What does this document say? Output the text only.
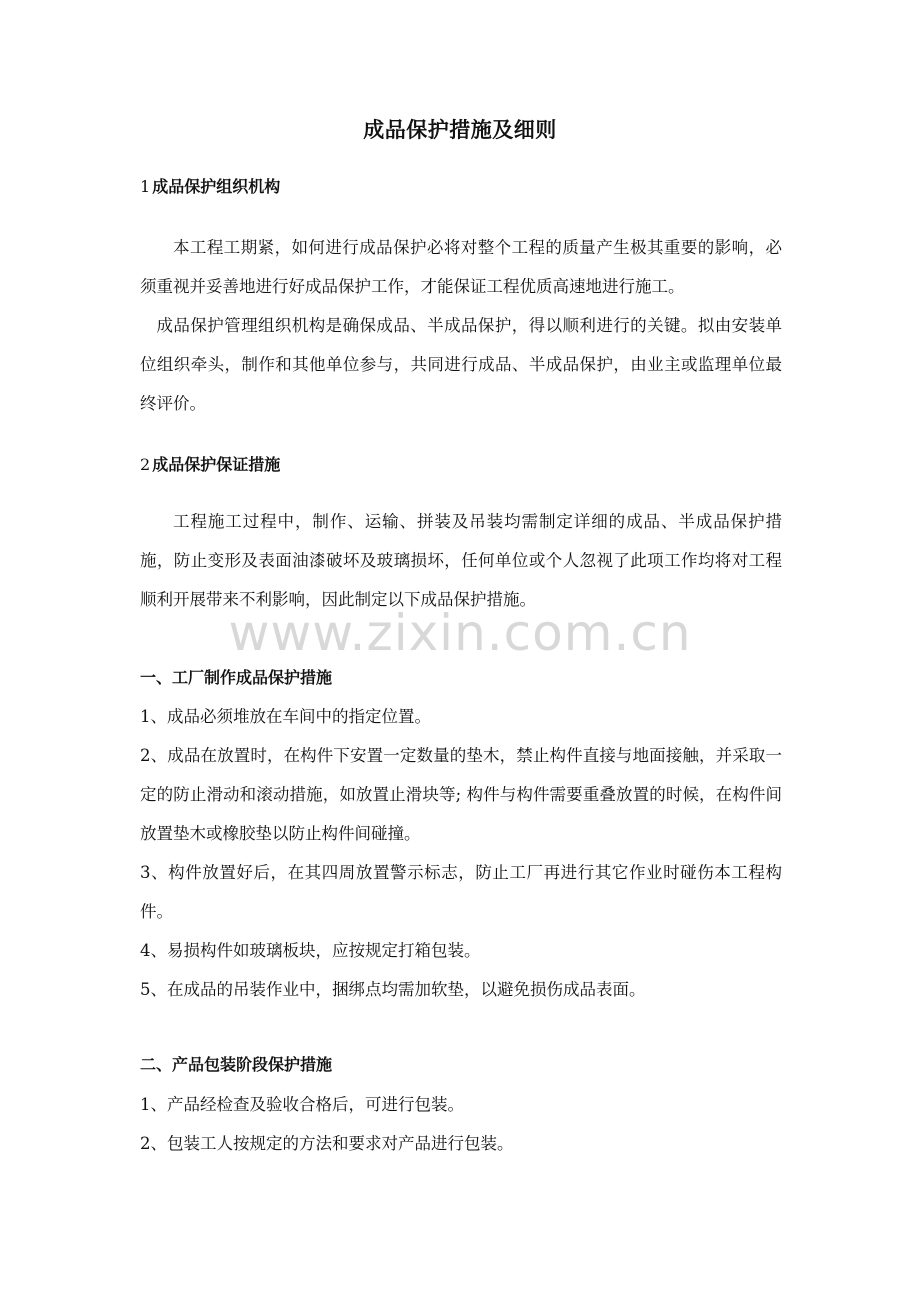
成品保护措施及细则
1 成品保护组织机构
本工程工期紧，如何进行成品保护必将对整个工程的质量产生极其重要的影响，必须重视并妥善地进行好成品保护工作，才能保证工程优质高速地进行施工。
成品保护管理组织机构是确保成品、半成品保护，得以顺利进行的关键。拟由安装单位组织牵头，制作和其他单位参与，共同进行成品、半成品保护，由业主或监理单位最终评价。
2 成品保护保证措施
工程施工过程中，制作、运输、拼装及吊装均需制定详细的成品、半成品保护措施，防止变形及表面油漆破坏及玻璃损坏，任何单位或个人忽视了此项工作均将对工程顺利开展带来不利影响，因此制定以下成品保护措施。
www.zixin.com.cn
一、工厂制作成品保护措施
1、成品必须堆放在车间中的指定位置。
2、成品在放置时，在构件下安置一定数量的垫木，禁止构件直接与地面接触，并采取一定的防止滑动和滚动措施，如放置止滑块等; 构件与构件需要重叠放置的时候，在构件间放置垫木或橡胶垫以防止构件间碰撞。
3、构件放置好后，在其四周放置警示标志，防止工厂再进行其它作业时碰伤本工程构件。
4、易损构件如玻璃板块，应按规定打箱包装。
5、在成品的吊装作业中，捆绑点均需加软垫，以避免损伤成品表面。
二、产品包装阶段保护措施
1、产品经检查及验收合格后，可进行包装。
2、包装工人按规定的方法和要求对产品进行包装。
